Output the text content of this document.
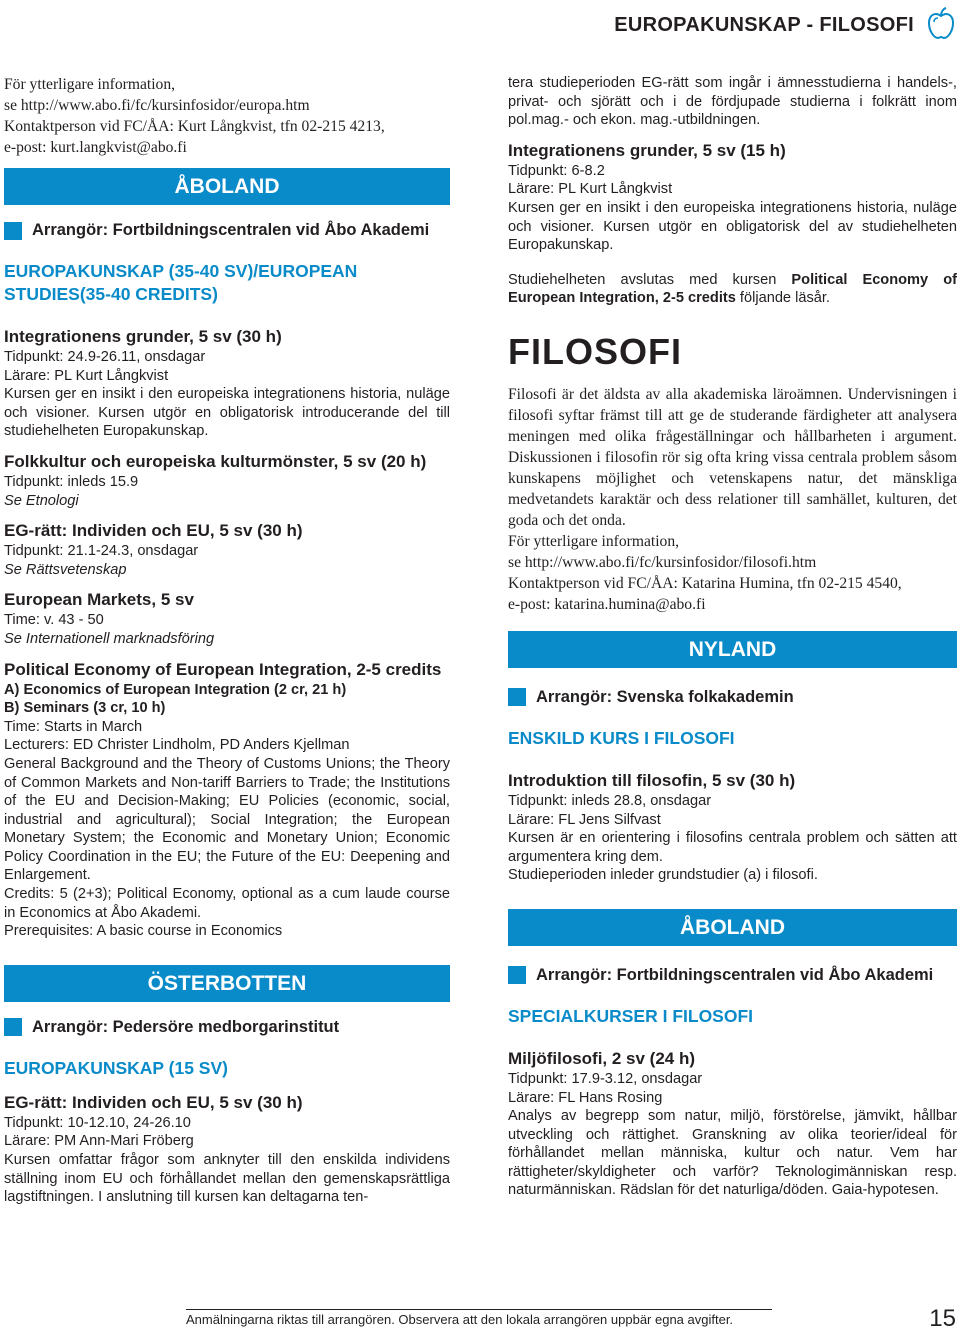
EUROPAKUNSKAP - FILOSOFI

För ytterligare information,

se http://www.abo.fi/fc/kursinfosidor/europa.htm

Kontaktperson vid FC/ÅA: Kurt Långkvist, tfn 02-215 4213,

e-post: kurt.langkvist@abo.fi

ÅBOLAND
Arrangör: Fortbildningscentralen vid Åbo Akademi

EUROPAKUNSKAP (35-40 SV)/EUROPEAN

STUDIES(35-40 CREDITS)

Integrationens grunder, 5 sv (30 h)

Tidpunkt: 24.9-26.11, onsdagar

Lärare: PL Kurt Långkvist

Kursen ger en insikt i den europeiska integrationens historia, nuläge och visioner. Kursen utgör en obligatorisk introducerande del till studiehelheten Europakunskap.

Folkkultur och europeiska kulturmönster, 5 sv (20 h)

Tidpunkt: inleds 15.9

Se Etnologi

EG-rätt: Individen och EU, 5 sv (30 h)

Tidpunkt: 21.1-24.3, onsdagar

Se Rättsvetenskap

European Markets, 5 sv

Time: v. 43 - 50

Se Internationell marknadsföring

Political Economy of European Integration, 2-5 credits

A) Economics of European Integration (2 cr, 21 h)

B) Seminars (3 cr, 10 h)

Time: Starts in March

Lecturers: ED Christer Lindholm, PD Anders Kjellman

General Background and the Theory of Customs Unions; the Theory of Common Markets and Non-tariff Barriers to Trade; the Institutions of the EU and Decision-Making; EU Policies (economic, social, industrial and agricultural); Social Integration; the European Monetary System; the Economic and Monetary Union; Economic Policy Coordination in the EU; the Future of the EU: Deepening and Enlargement.

Credits: 5 (2+3); Political Economy, optional as a cum laude course in Economics at Åbo Akademi.

Prerequisites: A basic course in Economics

ÖSTERBOTTEN
Arrangör: Pedersöre medborgarinstitut

EUROPAKUNSKAP (15 SV)

EG-rätt: Individen och EU, 5 sv (30 h)

Tidpunkt: 10-12.10, 24-26.10

Lärare: PM Ann-Mari Fröberg

Kursen omfattar frågor som anknyter till den enskilda individens ställning inom EU och förhållandet mellan den gemenskapsrättliga lagstiftningen. I anslutning till kursen kan deltagarna ten-

tera studieperioden EG-rätt som ingår i ämnesstudierna i handels-, privat- och sjörätt och i de fördjupade studierna i folkrätt inom pol.mag.- och ekon. mag.-utbildningen.

Integrationens grunder, 5 sv (15 h)

Tidpunkt: 6-8.2

Lärare: PL Kurt Långkvist

Kursen ger en insikt i den europeiska integrationens historia, nuläge och visioner. Kursen utgör en obligatorisk del av studiehelheten Europakunskap.

Studiehelheten avslutas med kursen Political Economy of European Integration, 2-5 credits följande läsår.

FILOSOFI

Filosofi är det äldsta av alla akademiska läroämnen. Undervisningen i filosofi syftar främst till att ge de studerande färdigheter att analysera meningen med olika frågeställningar och hållbarheten i argument. Diskussionen i filosofin rör sig ofta kring vissa centrala problem såsom kunskapens möjlighet och vetenskapens natur, det mänskliga medvetandets karaktär och dess relationer till samhället, kulturen, det goda och det onda.

För ytterligare information,

se http://www.abo.fi/fc/kursinfosidor/filosofi.htm

Kontaktperson vid FC/ÅA: Katarina Humina, tfn 02-215 4540,

e-post: katarina.humina@abo.fi

NYLAND
Arrangör: Svenska folkakademin

ENSKILD KURS I FILOSOFI

Introduktion till filosofin, 5 sv (30 h)

Tidpunkt: inleds 28.8, onsdagar

Lärare: FL Jens Silfvast

Kursen är en orientering i filosofins centrala problem och sätten att argumentera kring dem.

Studieperioden inleder grundstudier (a) i filosofi.

ÅBOLAND
Arrangör: Fortbildningscentralen vid Åbo Akademi

SPECIALKURSER I FILOSOFI

Miljöfilosofi, 2 sv (24 h)

Tidpunkt: 17.9-3.12, onsdagar

Lärare: FL Hans Rosing

Analys av begrepp som natur, miljö, förstörelse, jämvikt, hållbar utveckling och rättighet. Granskning av olika teorier/ideal för förhållandet mellan människa, kultur och natur. Vem har rättigheter/skyldigheter och varför? Teknologimänniskan resp. naturmänniskan. Rädslan för det naturliga/döden. Gaia-hypotesen.

Anmälningarna riktas till arrangören. Observera att den lokala arrangören uppbär egna avgifter.	15
